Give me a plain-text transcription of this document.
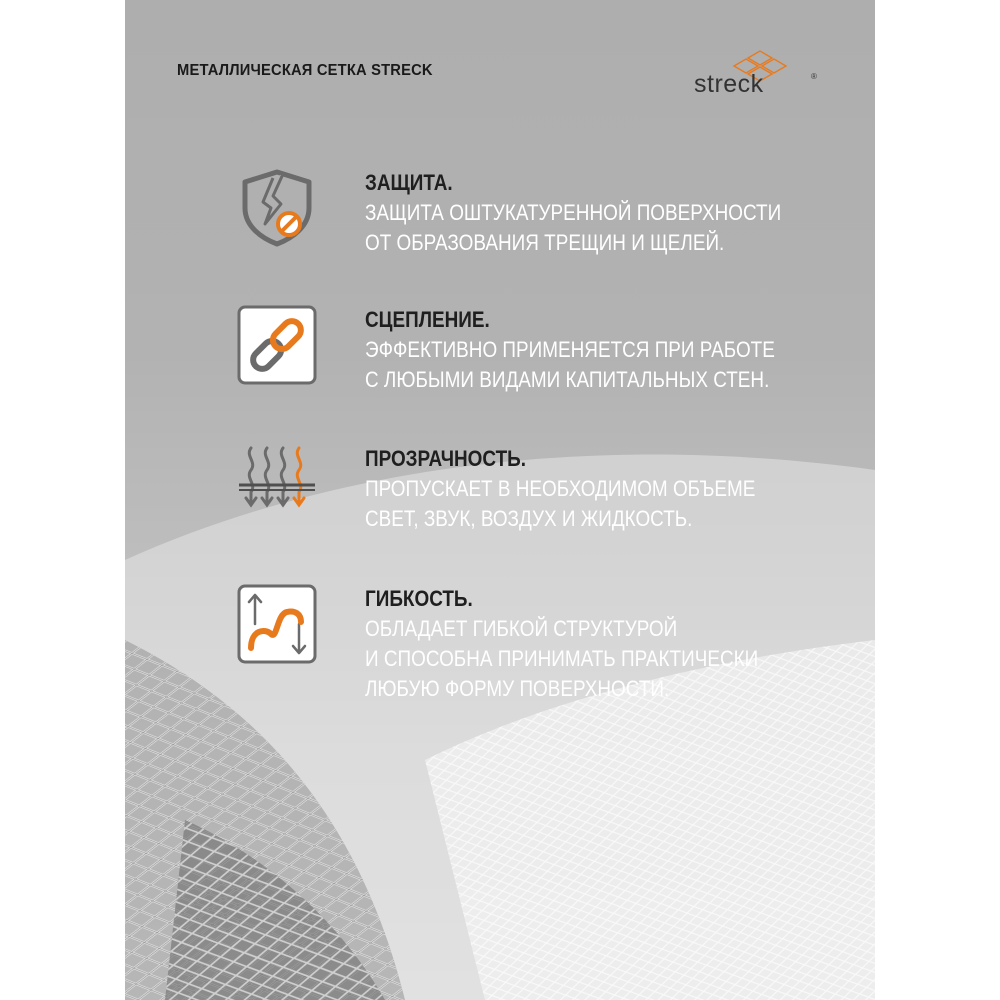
МЕТАЛЛИЧЕСКАЯ СЕТКА STRECK	streck	®
ЗАЩИТА.
ЗАЩИТА ОШТУКАТУРЕННОЙ ПОВЕРХНОСТИ
ОТ ОБРАЗОВАНИЯ ТРЕЩИН И ЩЕЛЕЙ.
СЦЕПЛЕНИЕ.
ЭФФЕКТИВНО ПРИМЕНЯЕТСЯ ПРИ РАБОТЕ
С ЛЮБЫМИ ВИДАМИ КАПИТАЛЬНЫХ СТЕН.
ПРОЗРАЧНОСТЬ.
ПРОПУСКАЕТ В НЕОБХОДИМОМ ОБЪЕМЕ
СВЕТ, ЗВУК, ВОЗДУХ И ЖИДКОСТЬ.
ГИБКОСТЬ.
ОБЛАДАЕТ ГИБКОЙ СТРУКТУРОЙ
И СПОСОБНА ПРИНИМАТЬ ПРАКТИЧЕСКИ
ЛЮБУЮ ФОРМУ ПОВЕРХНОСТИ.
